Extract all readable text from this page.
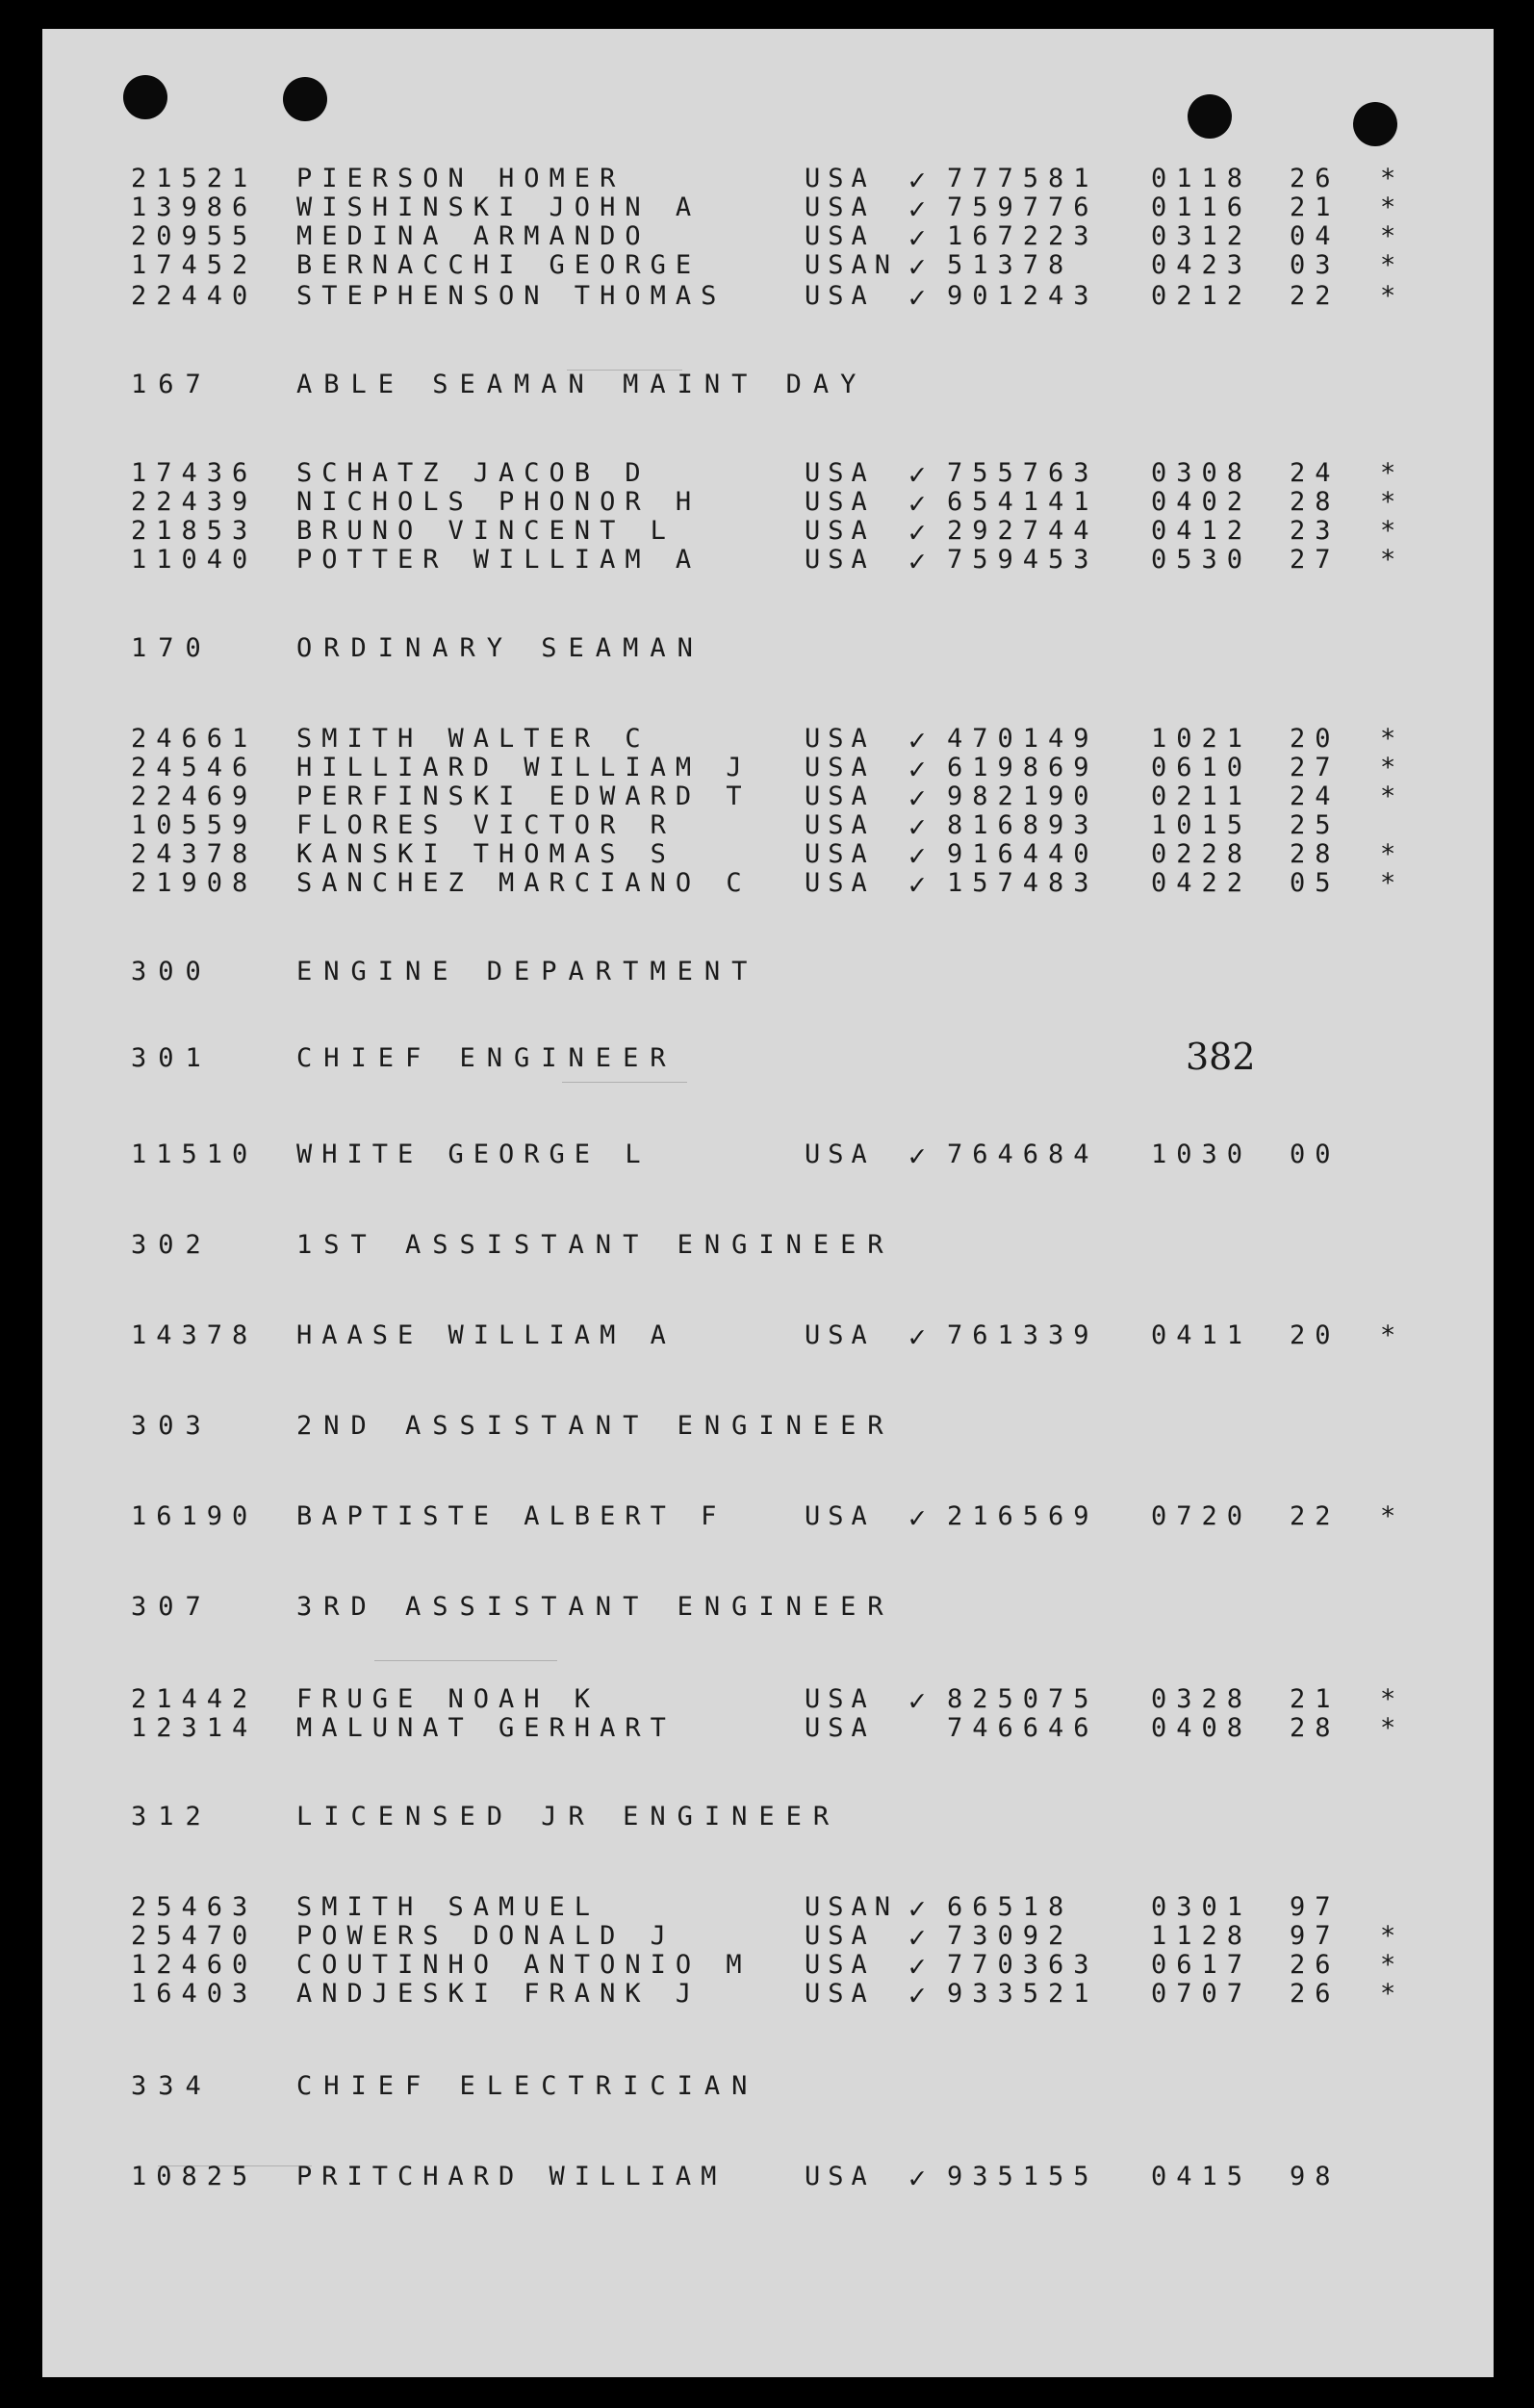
382
21521 PIERSON HOMER	USA ✓ 777581 0118 26 *
13986 WISHINSKI JOHN A	USA ✓ 759776 0116 21 *
20955 MEDINA ARMANDO	USA ✓ 167223 0312 04 *
17452 BERNACCHI GEORGE	USAN ✓ 51378	0423 03 *
22440 STEPHENSON THOMAS	USA ✓ 901243 0212 22 *
167	ABLE SEAMAN MAINT DAY
17436 SCHATZ JACOB D	USA ✓ 755763 0308 24 *
22439 NICHOLS PHONOR H	USA ✓ 654141 0402 28 *
21853 BRUNO VINCENT L	USA ✓ 292744 0412 23 *
11040 POTTER WILLIAM A	USA ✓ 759453 0530 27 *
170	ORDINARY SEAMAN
24661 SMITH WALTER C	USA ✓ 470149 1021 20 *
24546 HILLIARD WILLIAM J USA ✓ 619869 0610 27 *
22469 PERFINSKI EDWARD T USA ✓ 982190 0211 24 *
10559 FLORES VICTOR R	USA ✓ 816893 1015 25
24378 KANSKI THOMAS S	USA ✓ 916440 0228 28 *
21908 SANCHEZ MARCIANO C USA ✓ 157483 0422 05 *
300	ENGINE DEPARTMENT
301	CHIEF ENGINEER
11510 WHITE GEORGE L	USA ✓ 764684 1030 00
302	1ST ASSISTANT ENGINEER
14378 HAASE WILLIAM A	USA ✓ 761339 0411 20 *
303	2ND ASSISTANT ENGINEER
16190 BAPTISTE ALBERT F	USA ✓ 216569 0720 22 *
307	3RD ASSISTANT ENGINEER
21442 FRUGE NOAH K	USA ✓ 825075 0328 21 *
12314 MALUNAT GERHART	USA	746646 0408 28 *
312	LICENSED JR ENGINEER
25463 SMITH SAMUEL	USAN ✓ 66518	0301 97
25470 POWERS DONALD J	USA ✓ 73092	1128 97 *
12460 COUTINHO ANTONIO M USA ✓ 770363 0617 26 *
16403 ANDJESKI FRANK J	USA ✓ 933521 0707 26 *
334	CHIEF ELECTRICIAN
10825 PRITCHARD WILLIAM	USA ✓ 935155 0415 98
